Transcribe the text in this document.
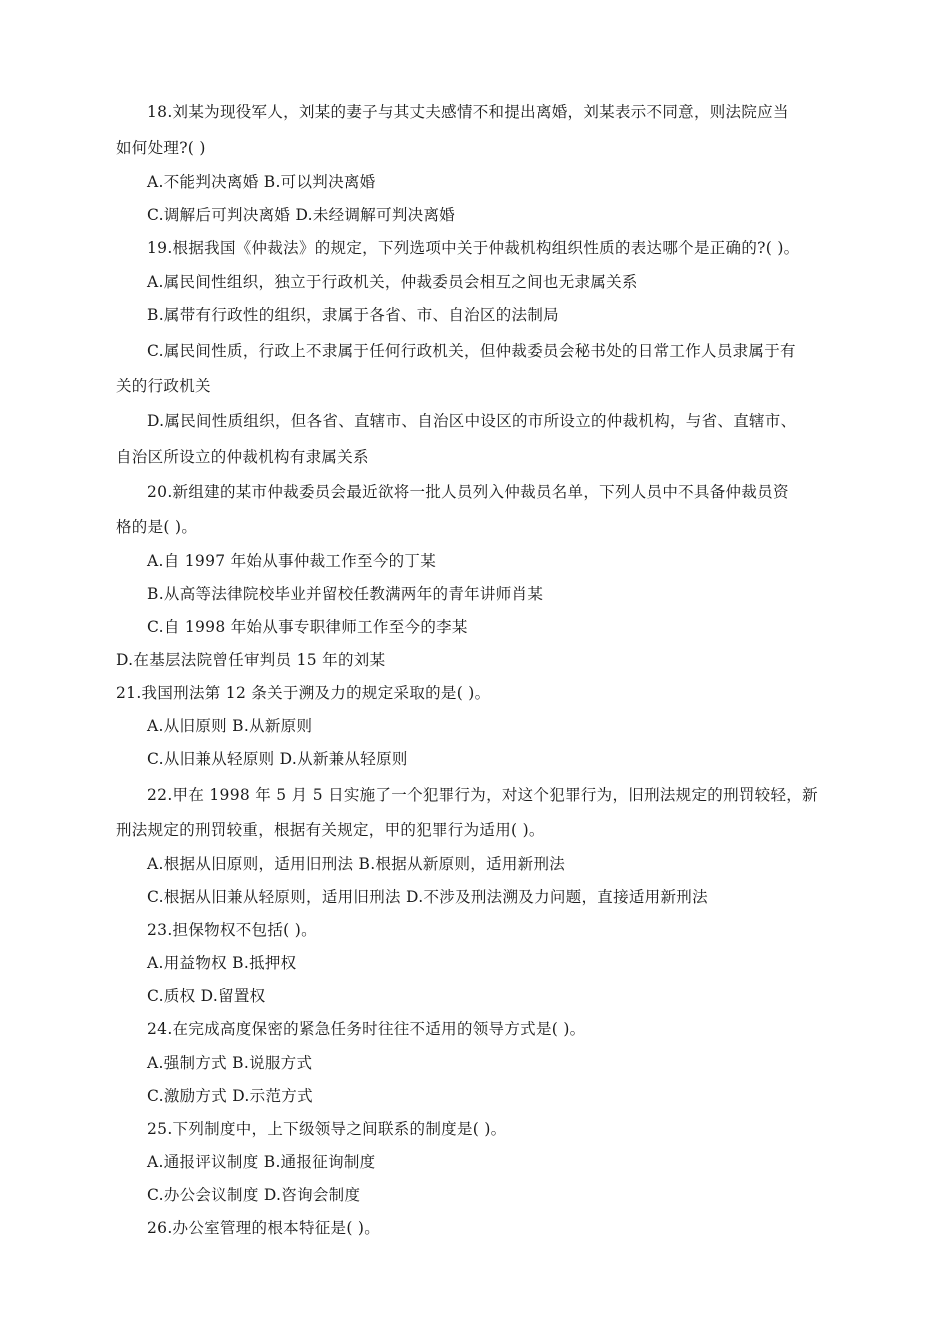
18.刘某为现役军人，刘某的妻子与其丈夫感情不和提出离婚，刘某表示不同意，则法院应当
如何处理?( )
A.不能判决离婚 B.可以判决离婚
C.调解后可判决离婚 D.未经调解可判决离婚
19.根据我国《仲裁法》的规定，下列选项中关于仲裁机构组织性质的表达哪个是正确的?( )。
A.属民间性组织，独立于行政机关，仲裁委员会相互之间也无隶属关系
B.属带有行政性的组织，隶属于各省、市、自治区的法制局
C.属民间性质，行政上不隶属于任何行政机关，但仲裁委员会秘书处的日常工作人员隶属于有
关的行政机关
D.属民间性质组织，但各省、直辖市、自治区中设区的市所设立的仲裁机构，与省、直辖市、
自治区所设立的仲裁机构有隶属关系
20.新组建的某市仲裁委员会最近欲将一批人员列入仲裁员名单，下列人员中不具备仲裁员资
格的是( )。
A.自 1997 年始从事仲裁工作至今的丁某
B.从高等法律院校毕业并留校任教满两年的青年讲师肖某
C.自 1998 年始从事专职律师工作至今的李某
D.在基层法院曾任审判员 15 年的刘某
21.我国刑法第 12 条关于溯及力的规定采取的是( )。
A.从旧原则 B.从新原则
C.从旧兼从轻原则 D.从新兼从轻原则
22.甲在 1998 年 5 月 5 日实施了一个犯罪行为，对这个犯罪行为，旧刑法规定的刑罚较轻，新
刑法规定的刑罚较重，根据有关规定，甲的犯罪行为适用( )。
A.根据从旧原则，适用旧刑法 B.根据从新原则，适用新刑法
C.根据从旧兼从轻原则，适用旧刑法 D.不涉及刑法溯及力问题，直接适用新刑法
23.担保物权不包括( )。
A.用益物权 B.抵押权
C.质权 D.留置权
24.在完成高度保密的紧急任务时往往不适用的领导方式是( )。
A.强制方式 B.说服方式
C.激励方式 D.示范方式
25.下列制度中，上下级领导之间联系的制度是( )。
A.通报评议制度 B.通报征询制度
C.办公会议制度 D.咨询会制度
26.办公室管理的根本特征是( )。
